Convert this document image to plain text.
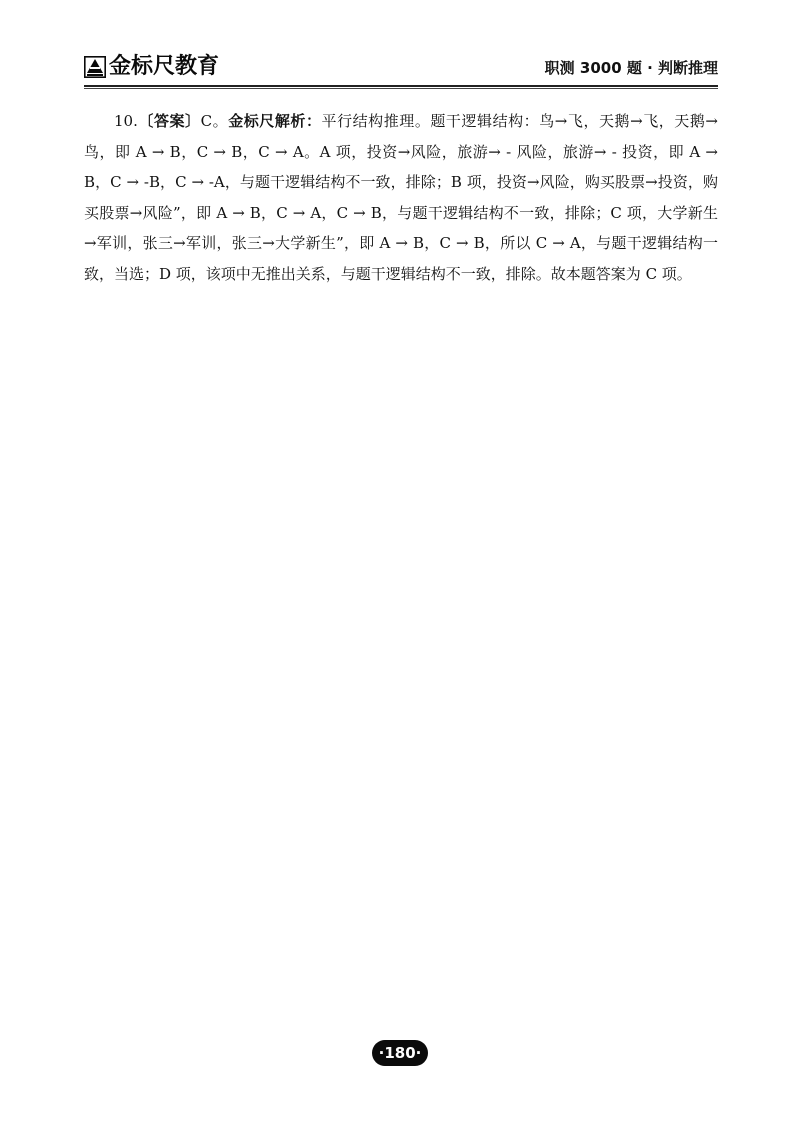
金标尺教育	职测 3000 题 · 判断推理

10.〔答案〕C。金标尺解析：平行结构推理。题干逻辑结构：鸟→飞，天鹅→飞，天鹅→鸟，即 A → B，C → B，C → A。A 项，投资→风险，旅游→ - 风险，旅游→ - 投资，即 A → B，C → -B，C → -A，与题干逻辑结构不一致，排除；B 项，投资→风险，购买股票→投资，购买股票→风险”，即 A → B，C → A，C → B，与题干逻辑结构不一致，排除；C 项，大学新生→军训，张三→军训，张三→大学新生”，即 A → B，C → B，所以 C → A，与题干逻辑结构一致，当选；D 项，该项中无推出关系，与题干逻辑结构不一致，排除。故本题答案为 C 项。

·180·
